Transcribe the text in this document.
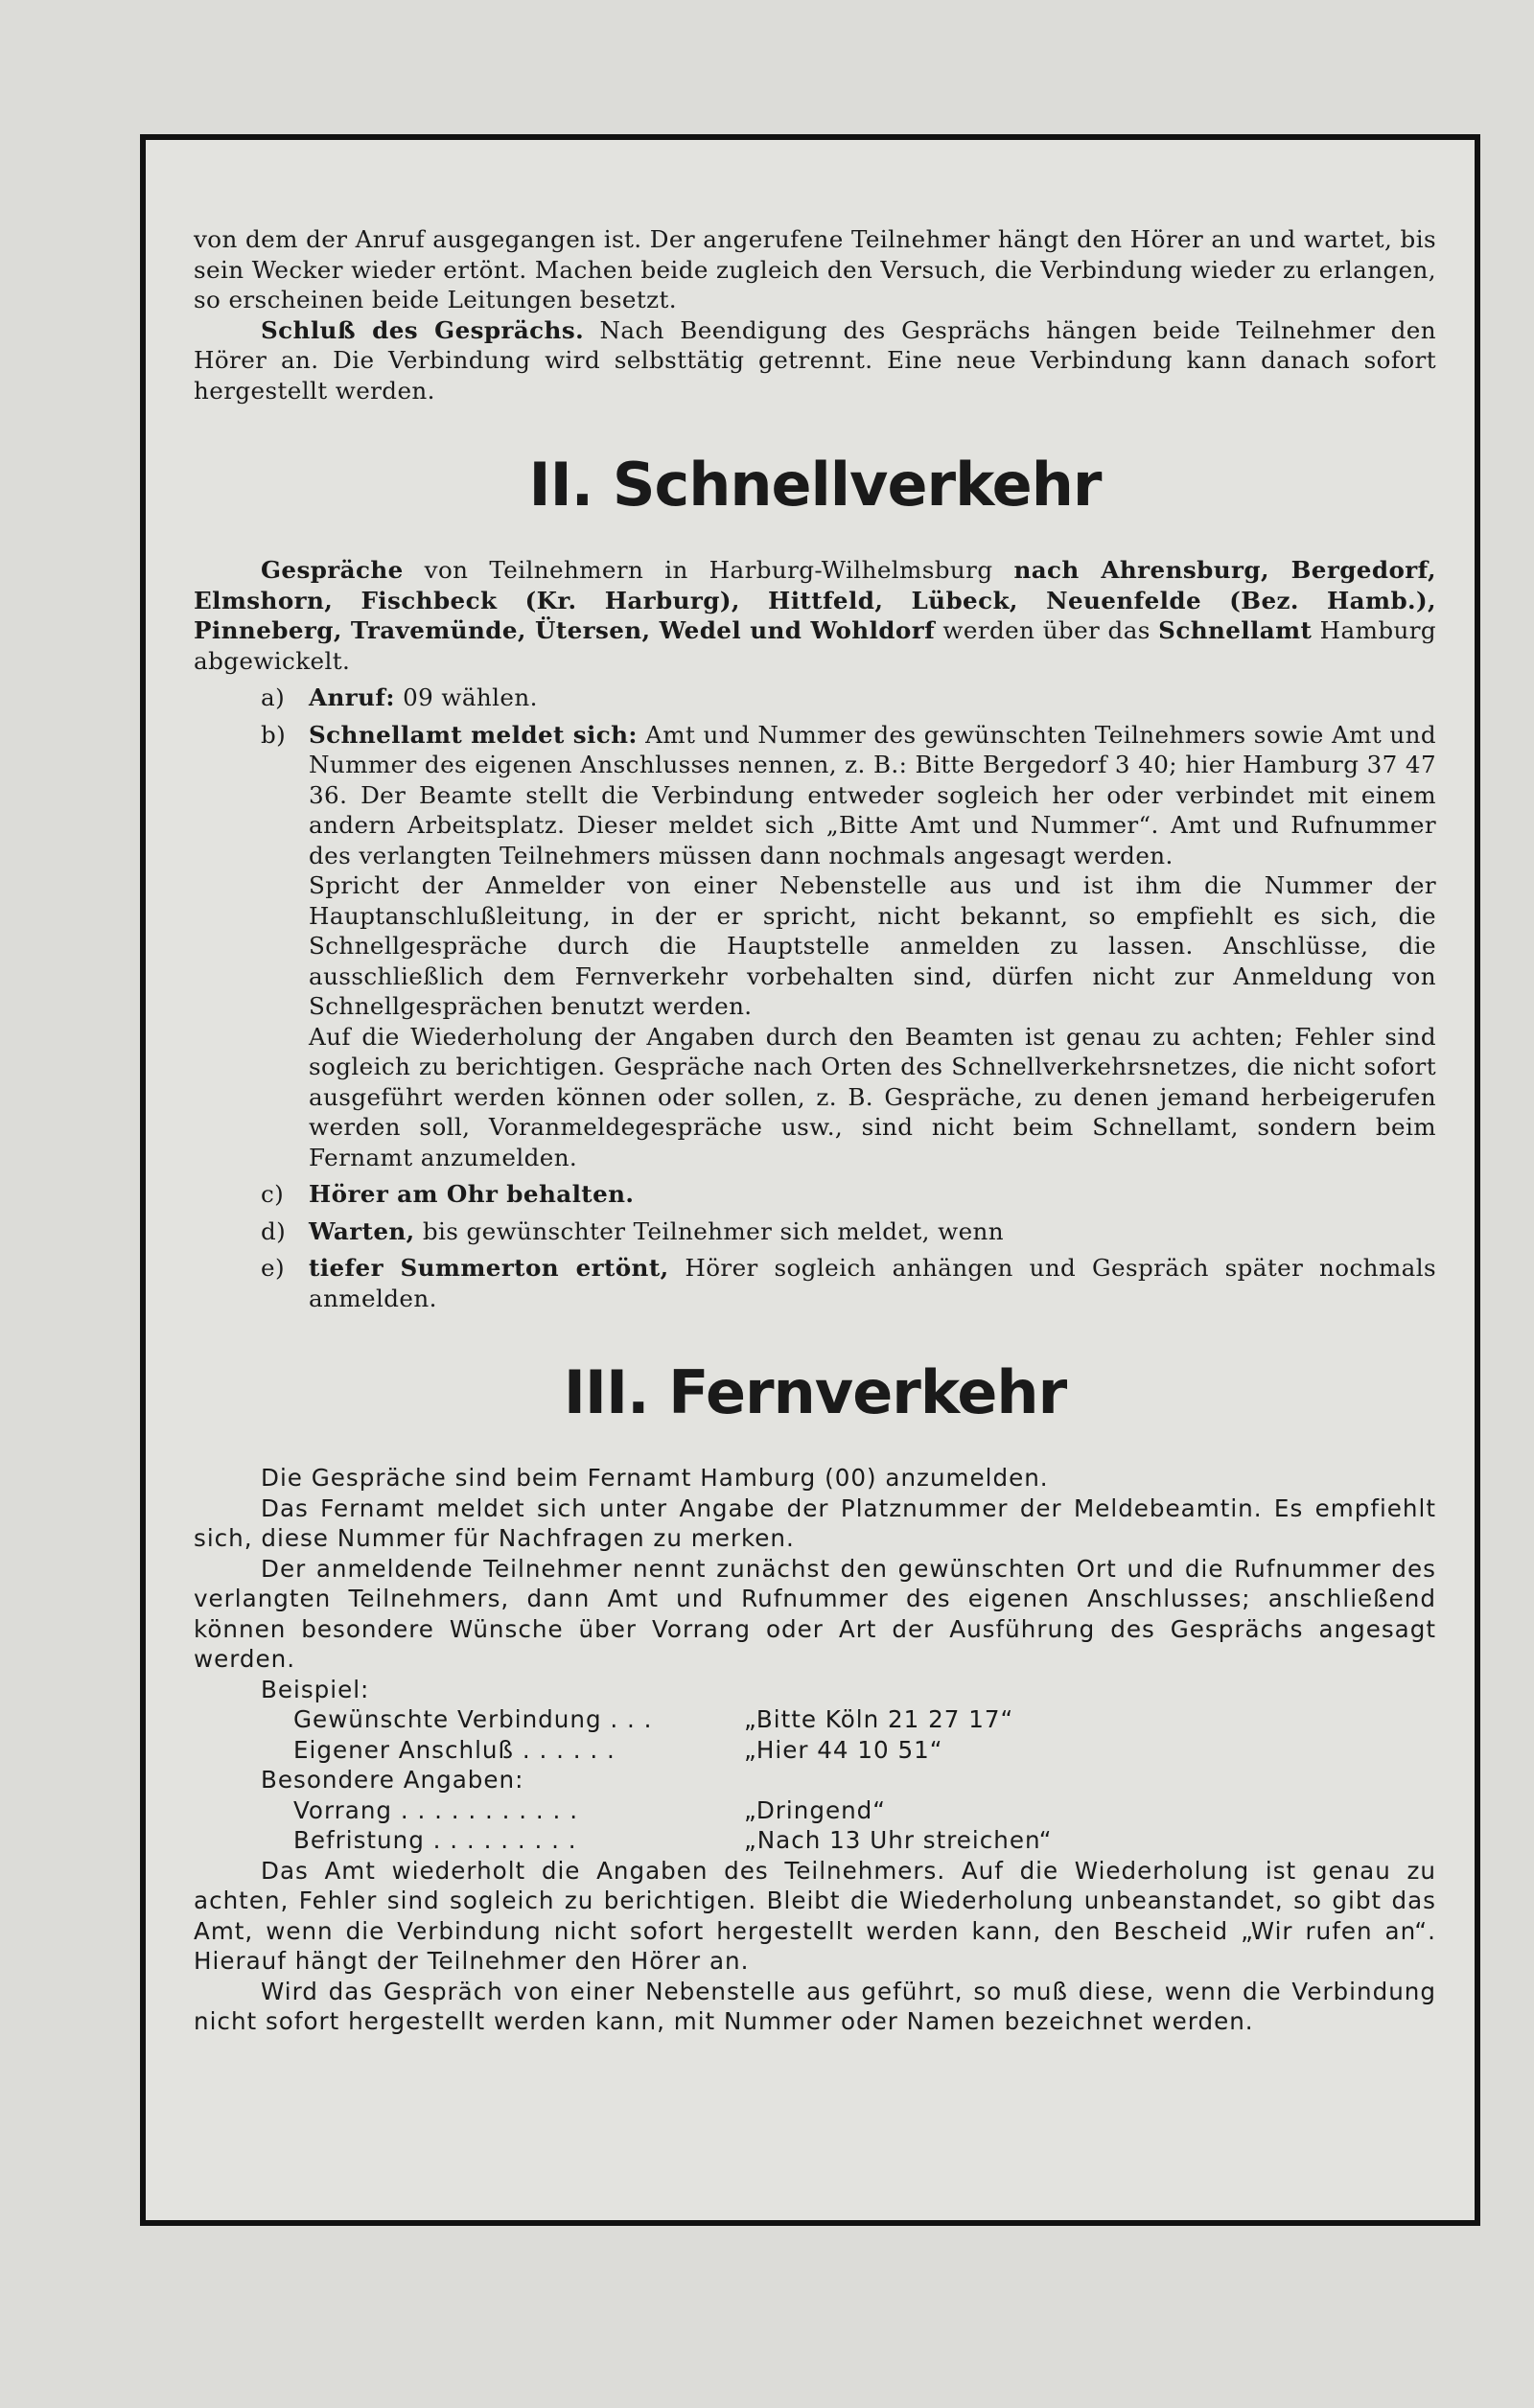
von dem der Anruf ausgegangen ist. Der angerufene Teilnehmer hängt den Hörer an und wartet, bis sein Wecker wieder ertönt. Machen beide zugleich den Versuch, die Verbindung wieder zu erlangen, so erscheinen beide Leitungen besetzt.

Schluß des Gesprächs. Nach Beendigung des Gesprächs hängen beide Teilnehmer den Hörer an. Die Verbindung wird selbsttätig getrennt. Eine neue Verbindung kann danach sofort hergestellt werden.

II. Schnellverkehr

Gespräche von Teilnehmern in Harburg-Wilhelmsburg nach Ahrensburg, Bergedorf, Elmshorn, Fischbeck (Kr. Harburg), Hittfeld, Lübeck, Neuenfelde (Bez. Hamb.), Pinneberg, Travemünde, Ütersen, Wedel und Wohldorf werden über das Schnellamt Hamburg abgewickelt.

a)	Anruf: 09 wählen.
b) Schnellamt meldet sich: Amt und Nummer des gewünschten Teilnehmers sowie Amt und Nummer des eigenen Anschlusses nennen, z. B.: Bitte Bergedorf 3 40; hier Hamburg 37 47 36. Der Beamte stellt die Verbindung entweder sogleich her oder verbindet mit einem andern Arbeitsplatz. Dieser meldet sich „Bitte Amt und Nummer“. Amt und Rufnummer des verlangten Teilnehmers müssen dann nochmals angesagt werden.

Spricht der Anmelder von einer Nebenstelle aus und ist ihm die Nummer der Hauptanschlußleitung, in der er spricht, nicht bekannt, so empfiehlt es sich, die Schnellgespräche durch die Hauptstelle anmelden zu lassen. Anschlüsse, die ausschließlich dem Fernverkehr vorbehalten sind, dürfen nicht zur Anmeldung von Schnellgesprächen benutzt werden.

Auf die Wiederholung der Angaben durch den Beamten ist genau zu achten; Fehler sind sogleich zu berichtigen. Gespräche nach Orten des Schnellverkehrsnetzes, die nicht sofort ausgeführt werden können oder sollen, z. B. Gespräche, zu denen jemand herbeigerufen werden soll, Voranmeldegespräche usw., sind nicht beim Schnellamt, sondern beim Fernamt anzumelden.

c)	Hörer am Ohr behalten.
d) Warten, bis gewünschter Teilnehmer sich meldet, wenn
e)	tiefer Summerton ertönt, Hörer sogleich anhängen und Gespräch später nochmals anmelden.
III. Fernverkehr

Die Gespräche sind beim Fernamt Hamburg (00) anzumelden.

Das Fernamt meldet sich unter Angabe der Platznummer der Meldebeamtin. Es empfiehlt sich, diese Nummer für Nachfragen zu merken.

Der anmeldende Teilnehmer nennt zunächst den gewünschten Ort und die Rufnummer des verlangten Teilnehmers, dann Amt und Rufnummer des eigenen Anschlusses; anschließend können besondere Wünsche über Vorrang oder Art der Ausführung des Gesprächs angesagt werden.

Beispiel:

Gewünschte Verbindung . . .	„Bitte Köln 21 27 17“
Eigener Anschluß . . . . . .	„Hier 44 10 51“

Besondere Angaben:

Vorrang . . . . . . . . . . .	„Dringend“
Befristung . . . . . . . . .	„Nach 13 Uhr streichen“

Das Amt wiederholt die Angaben des Teilnehmers. Auf die Wiederholung ist genau zu achten, Fehler sind sogleich zu berichtigen. Bleibt die Wiederholung unbeanstandet, so gibt das Amt, wenn die Verbindung nicht sofort hergestellt werden kann, den Bescheid „Wir rufen an“. Hierauf hängt der Teilnehmer den Hörer an.

Wird das Gespräch von einer Nebenstelle aus geführt, so muß diese, wenn die Verbindung nicht sofort hergestellt werden kann, mit Nummer oder Namen bezeichnet werden.
